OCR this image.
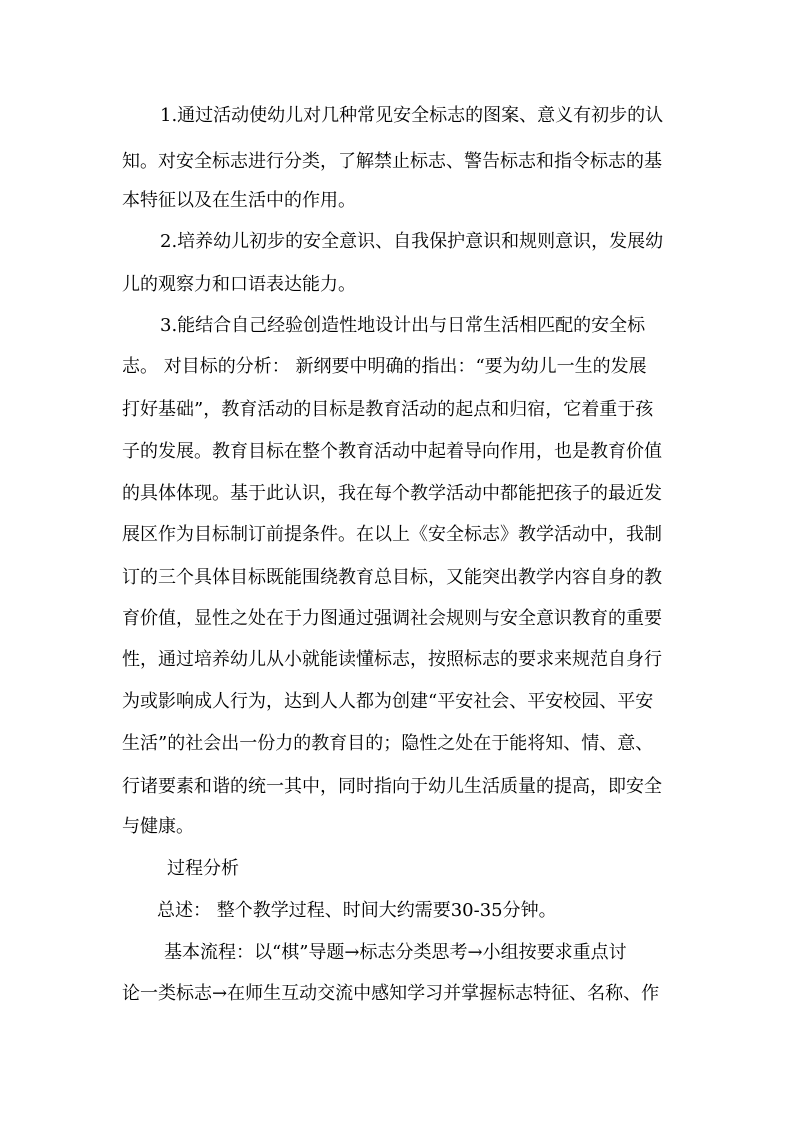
1.通过活动使幼儿对几种常见安全标志的图案、意义有初步的认
知。对安全标志进行分类，了解禁止标志、警告标志和指令标志的基
本特征以及在生活中的作用。
2.培养幼儿初步的安全意识、自我保护意识和规则意识，发展幼
儿的观察力和口语表达能力。
3.能结合自己经验创造性地设计出与日常生活相匹配的安全标
志。 对目标的分析： 新纲要中明确的指出：“要为幼儿一生的发展
打好基础”，教育活动的目标是教育活动的起点和归宿，它着重于孩
子的发展。教育目标在整个教育活动中起着导向作用，也是教育价值
的具体体现。基于此认识，我在每个教学活动中都能把孩子的最近发
展区作为目标制订前提条件。在以上《安全标志》教学活动中，我制
订的三个具体目标既能围绕教育总目标，又能突出教学内容自身的教
育价值，显性之处在于力图通过强调社会规则与安全意识教育的重要
性，通过培养幼儿从小就能读懂标志，按照标志的要求来规范自身行
为或影响成人行为，达到人人都为创建“平安社会、平安校园、平安
生活”的社会出一份力的教育目的；隐性之处在于能将知、情、意、
行诸要素和谐的统一其中，同时指向于幼儿生活质量的提高，即安全
与健康。
过程分析
总述： 整个教学过程、时间大约需要30-35分钟。
基本流程：以“棋”导题→标志分类思考→小组按要求重点讨
论一类标志→在师生互动交流中感知学习并掌握标志特征、名称、作
